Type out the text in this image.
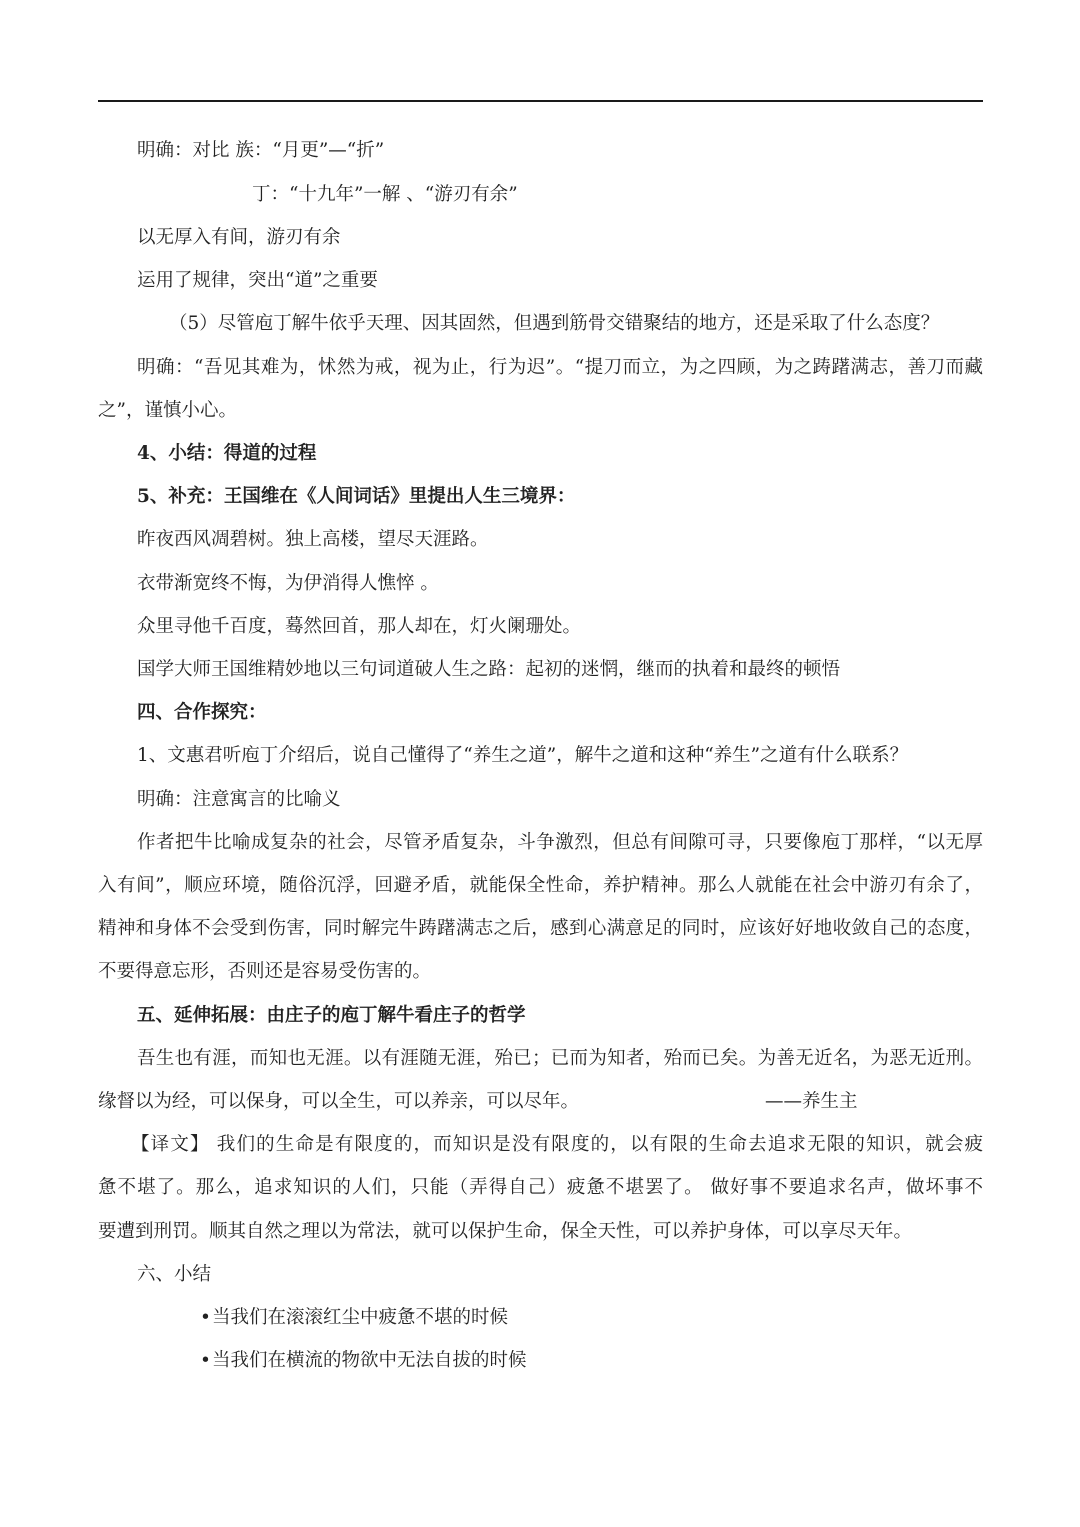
明确：对比 族：“月更”—“折”

丁：“十九年”一解 、“游刃有余”

以无厚入有间，游刃有余

运用了规律，突出“道”之重要

（5）尽管庖丁解牛依乎天理、因其固然，但遇到筋骨交错聚结的地方，还是采取了什么态度？

明确：“吾见其难为，怵然为戒，视为止，行为迟”。“提刀而立，为之四顾，为之踌躇满志，善刀而藏

之”，谨慎小心。

4、小结：得道的过程

5、补充：王国维在《人间词话》里提出人生三境界：

昨夜西风凋碧树。独上高楼，望尽天涯路。

衣带渐宽终不悔，为伊消得人憔悴 。

众里寻他千百度，蓦然回首，那人却在，灯火阑珊处。

国学大师王国维精妙地以三句词道破人生之路：起初的迷惘，继而的执着和最终的顿悟

四、合作探究：

1、文惠君听庖丁介绍后，说自己懂得了“养生之道”，解牛之道和这种“养生”之道有什么联系？

明确：注意寓言的比喻义

作者把牛比喻成复杂的社会，尽管矛盾复杂，斗争激烈，但总有间隙可寻，只要像庖丁那样，“以无厚

入有间”，顺应环境，随俗沉浮，回避矛盾，就能保全性命，养护精神。那么人就能在社会中游刃有余了，

精神和身体不会受到伤害，同时解完牛踌躇满志之后，感到心满意足的同时，应该好好地收敛自己的态度，

不要得意忘形，否则还是容易受伤害的。

五、延伸拓展：由庄子的庖丁解牛看庄子的哲学

吾生也有涯，而知也无涯。以有涯随无涯，殆已；已而为知者，殆而已矣。为善无近名，为恶无近刑。

缘督以为经，可以保身，可以全生，可以养亲，可以尽年。	——养生主

【译文】 我们的生命是有限度的，而知识是没有限度的，以有限的生命去追求无限的知识，就会疲

惫不堪了。那么，追求知识的人们，只能（弄得自己）疲惫不堪罢了。 做好事不要追求名声，做坏事不

要遭到刑罚。顺其自然之理以为常法，就可以保护生命，保全天性，可以养护身体，可以享尽天年。

六、小结

•当我们在滚滚红尘中疲惫不堪的时候

•当我们在横流的物欲中无法自拔的时候
